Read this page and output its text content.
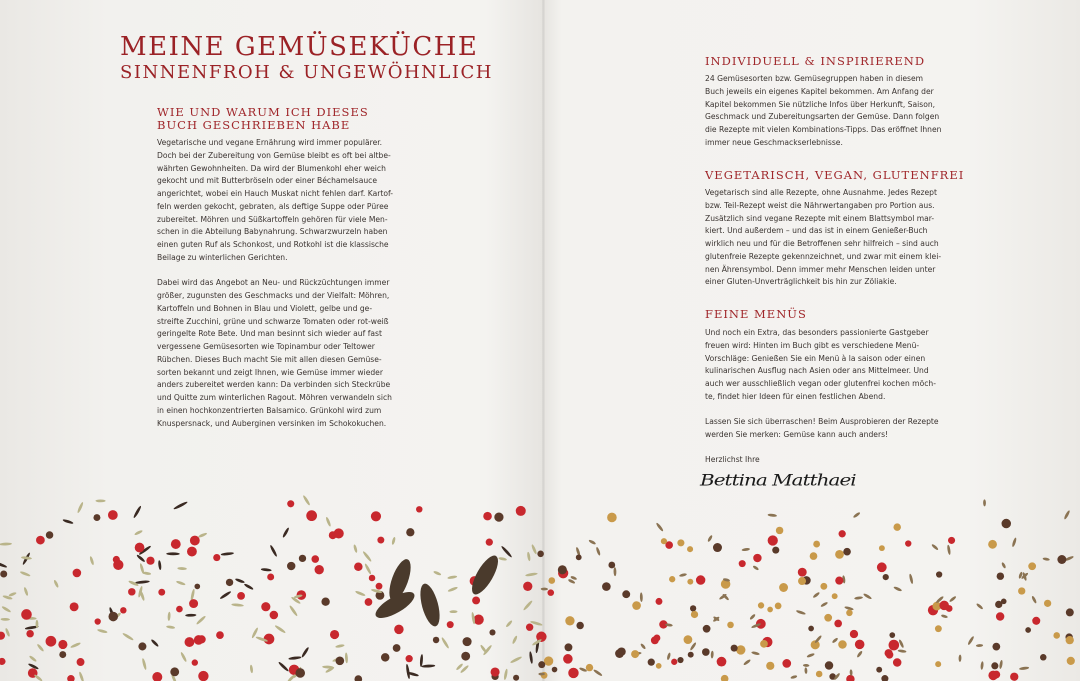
MEINE GEMÜSEKÜCHE
SINNENFROH & UNGEWÖHNLICH
WIE UND WARUM ICH DIESES
BUCH GESCHRIEBEN HABE
Vegetarische und vegane Ernährung wird immer populärer.
Doch bei der Zubereitung von Gemüse bleibt es oft bei altbe-
währten Gewohnheiten. Da wird der Blumenkohl eher weich
gekocht und mit Butterbröseln oder einer Béchamelsauce
angerichtet, wobei ein Hauch Muskat nicht fehlen darf. Kartof-
feln werden gekocht, gebraten, als deftige Suppe oder Püree
zubereitet. Möhren und Süßkartoffeln gehören für viele Men-
schen in die Abteilung Babynahrung. Schwarzwurzeln haben
einen guten Ruf als Schonkost, und Rotkohl ist die klassische
Beilage zu winterlichen Gerichten.
Dabei wird das Angebot an Neu- und Rückzüchtungen immer
größer, zugunsten des Geschmacks und der Vielfalt: Möhren,
Kartoffeln und Bohnen in Blau und Violett, gelbe und ge-
streifte Zucchini, grüne und schwarze Tomaten oder rot-weiß
geringelte Rote Bete. Und man besinnt sich wieder auf fast
vergessene Gemüsesorten wie Topinambur oder Teltower
Rübchen. Dieses Buch macht Sie mit allen diesen Gemüse-
sorten bekannt und zeigt Ihnen, wie Gemüse immer wieder
anders zubereitet werden kann: Da verbinden sich Steckrübe
und Quitte zum winterlichen Ragout. Möhren verwandeln sich
in einen hochkonzentrierten Balsamico. Grünkohl wird zum
Knuspersnack, und Auberginen versinken im Schokokuchen.
INDIVIDUELL & INSPIRIEREND
24 Gemüsesorten bzw. Gemüsegruppen haben in diesem
Buch jeweils ein eigenes Kapitel bekommen. Am Anfang der
Kapitel bekommen Sie nützliche Infos über Herkunft, Saison,
Geschmack und Zubereitungsarten der Gemüse. Dann folgen
die Rezepte mit vielen Kombinations-Tipps. Das eröffnet Ihnen
immer neue Geschmackserlebnisse.
VEGETARISCH, VEGAN, GLUTENFREI
Vegetarisch sind alle Rezepte, ohne Ausnahme. Jedes Rezept
bzw. Teil-Rezept weist die Nährwertangaben pro Portion aus.
Zusätzlich sind vegane Rezepte mit einem Blattsymbol mar-
kiert. Und außerdem – und das ist in einem Genießer-Buch
wirklich neu und für die Betroffenen sehr hilfreich – sind auch
glutenfreie Rezepte gekennzeichnet, und zwar mit einem klei-
nen Ährensymbol. Denn immer mehr Menschen leiden unter
einer Gluten-Unverträglichkeit bis hin zur Zöliakie.
FEINE MENÜS
Und noch ein Extra, das besonders passionierte Gastgeber
freuen wird: Hinten im Buch gibt es verschiedene Menü-
Vorschläge: Genießen Sie ein Menü à la saison oder einen
kulinarischen Ausflug nach Asien oder ans Mittelmeer. Und
auch wer ausschließlich vegan oder glutenfrei kochen möch-
te, findet hier Ideen für einen festlichen Abend.
Lassen Sie sich überraschen! Beim Ausprobieren der Rezepte
werden Sie merken: Gemüse kann auch anders!
Herzlichst Ihre
Bettina Matthaei
